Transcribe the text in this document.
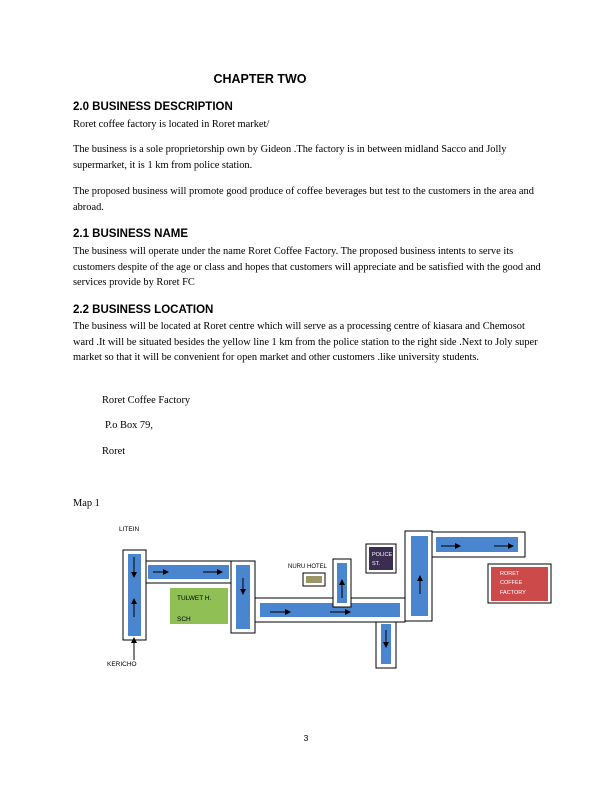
CHAPTER TWO
2.0 BUSINESS DESCRIPTION

Roret coffee factory is located in Roret market/

The business is a sole proprietorship own by Gideon .The factory is in between midland Sacco and Jolly supermarket, it is 1 km from police station.

The proposed business will promote good produce of coffee beverages but test to the customers in the area and abroad.

2.1 BUSINESS NAME

The business will operate under the name Roret Coffee Factory. The proposed business intents to serve its customers despite of the age or class and hopes that customers will appreciate and be satisfied with the good and services provide by Roret FC

2.2 BUSINESS LOCATION

The business will be located at Roret centre which will serve as a processing centre of kiasara and Chemosot ward .It will be situated besides the yellow line 1 km from the police station to the right side .Next to Joly super market so that it will be convenient for open market and other customers .like university students.

Roret Coffee Factory
P.o Box 79,
Roret
Map 1
LITEIN
KERICHO
TULWET H.
SCH
NURU HOTEL
POLICE
ST.
RORET
COFFEE
FACTORY
3
